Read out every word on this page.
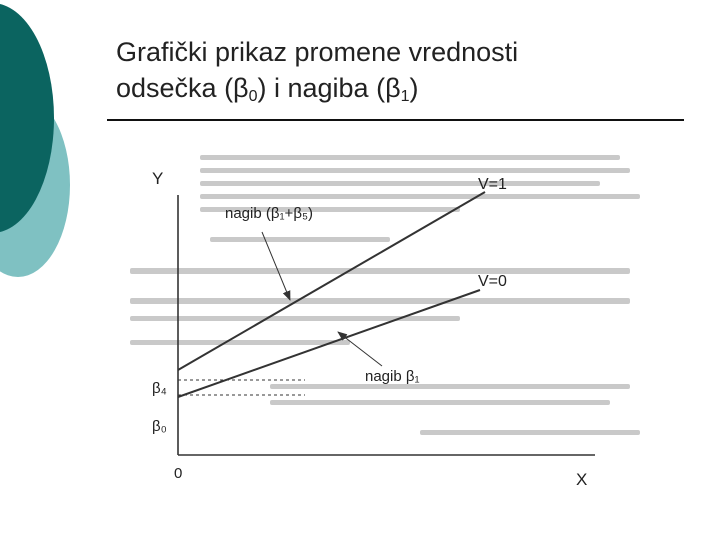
Grafički prikaz promene vrednosti
odsečka $(\beta_0)$ i nagiba $(\beta_1)$
Y
X
0
V=1
V=0
nagib (β₁+β₅)
nagib β₁
β₄
β₀
